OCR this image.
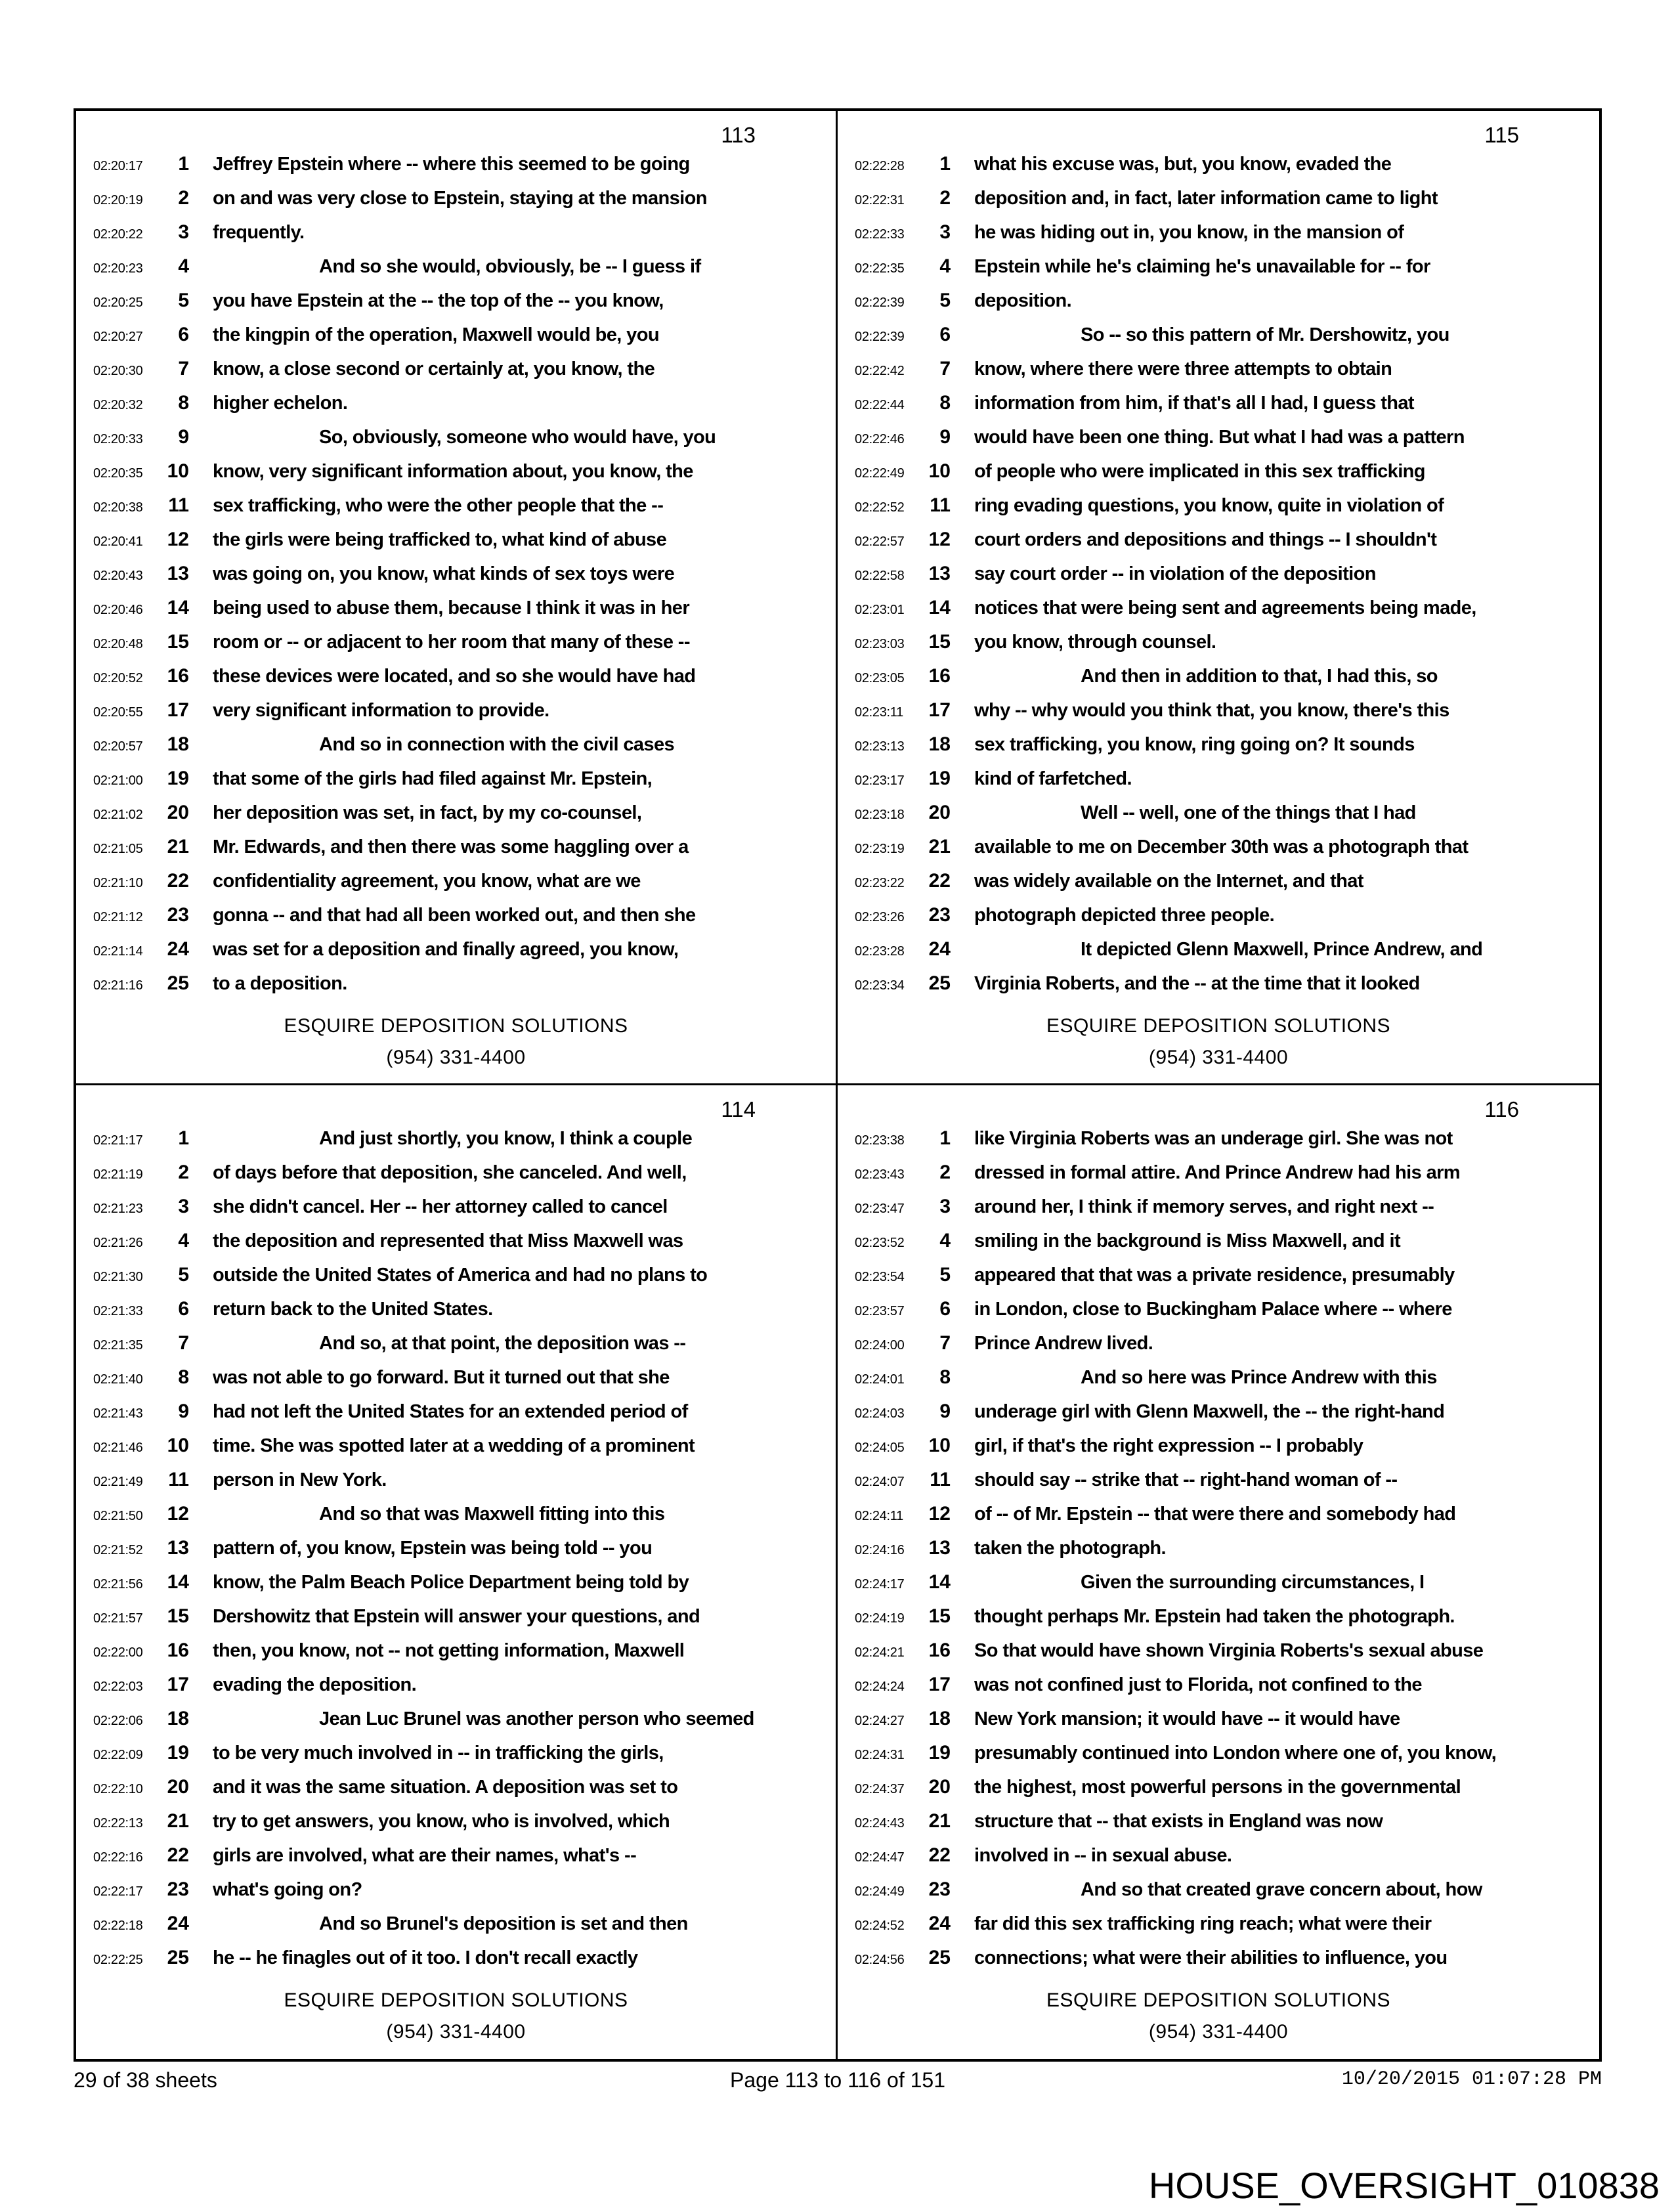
113
02:20:17	1 Jeffrey Epstein where -- where this seemed to be going
02:20:19	2 on and was very close to Epstein, staying at the mansion
02:20:22	3 frequently.
02:20:23	4	And so she would, obviously, be -- I guess if
02:20:25	5 you have Epstein at the -- the top of the -- you know,
02:20:27	6 the kingpin of the operation, Maxwell would be, you
02:20:30	7 know, a close second or certainly at, you know, the
02:20:32	8 higher echelon.
02:20:33	9	So, obviously, someone who would have, you
02:20:35	10 know, very significant information about, you know, the
02:20:38	11 sex trafficking, who were the other people that the --
02:20:41	12 the girls were being trafficked to, what kind of abuse
02:20:43	13 was going on, you know, what kinds of sex toys were
02:20:46	14 being used to abuse them, because I think it was in her
02:20:48	15 room or -- or adjacent to her room that many of these --
02:20:52	16 these devices were located, and so she would have had
02:20:55	17 very significant information to provide.
02:20:57	18	And so in connection with the civil cases
02:21:00	19 that some of the girls had filed against Mr. Epstein,
02:21:02	20 her deposition was set, in fact, by my co-counsel,
02:21:05	21 Mr. Edwards, and then there was some haggling over a
02:21:10	22 confidentiality agreement, you know, what are we
02:21:12	23 gonna -- and that had all been worked out, and then she
02:21:14	24 was set for a deposition and finally agreed, you know,
02:21:16	25 to a deposition.
ESQUIRE DEPOSITION SOLUTIONS
(954) 331-4400
115
02:22:28	1 what his excuse was, but, you know, evaded the
02:22:31	2 deposition and, in fact, later information came to light
02:22:33	3 he was hiding out in, you know, in the mansion of
02:22:35	4 Epstein while he's claiming he's unavailable for -- for
02:22:39	5 deposition.
02:22:39	6	So -- so this pattern of Mr. Dershowitz, you
02:22:42	7 know, where there were three attempts to obtain
02:22:44	8 information from him, if that's all I had, I guess that
02:22:46	9 would have been one thing. But what I had was a pattern
02:22:49	10 of people who were implicated in this sex trafficking
02:22:52	11 ring evading questions, you know, quite in violation of
02:22:57	12 court orders and depositions and things -- I shouldn't
02:22:58	13 say court order -- in violation of the deposition
02:23:01	14 notices that were being sent and agreements being made,
02:23:03	15 you know, through counsel.
02:23:05	16	And then in addition to that, I had this, so
02:23:11	17 why -- why would you think that, you know, there's this
02:23:13	18 sex trafficking, you know, ring going on? It sounds
02:23:17	19 kind of farfetched.
02:23:18	20	Well -- well, one of the things that I had
02:23:19	21 available to me on December 30th was a photograph that
02:23:22	22 was widely available on the Internet, and that
02:23:26	23 photograph depicted three people.
02:23:28	24	It depicted Glenn Maxwell, Prince Andrew, and
02:23:34	25 Virginia Roberts, and the -- at the time that it looked
ESQUIRE DEPOSITION SOLUTIONS
(954) 331-4400
114
02:21:17	1	And just shortly, you know, I think a couple
02:21:19	2 of days before that deposition, she canceled. And well,
02:21:23	3 she didn't cancel. Her -- her attorney called to cancel
02:21:26	4 the deposition and represented that Miss Maxwell was
02:21:30	5 outside the United States of America and had no plans to
02:21:33	6 return back to the United States.
02:21:35	7	And so, at that point, the deposition was --
02:21:40	8 was not able to go forward. But it turned out that she
02:21:43	9 had not left the United States for an extended period of
02:21:46	10 time. She was spotted later at a wedding of a prominent
02:21:49	11 person in New York.
02:21:50	12	And so that was Maxwell fitting into this
02:21:52	13 pattern of, you know, Epstein was being told -- you
02:21:56	14 know, the Palm Beach Police Department being told by
02:21:57	15 Dershowitz that Epstein will answer your questions, and
02:22:00	16 then, you know, not -- not getting information, Maxwell
02:22:03	17 evading the deposition.
02:22:06	18	Jean Luc Brunel was another person who seemed
02:22:09	19 to be very much involved in -- in trafficking the girls,
02:22:10	20 and it was the same situation. A deposition was set to
02:22:13	21 try to get answers, you know, who is involved, which
02:22:16	22 girls are involved, what are their names, what's --
02:22:17	23 what's going on?
02:22:18	24	And so Brunel's deposition is set and then
02:22:25	25 he -- he finagles out of it too. I don't recall exactly
ESQUIRE DEPOSITION SOLUTIONS
(954) 331-4400
116
02:23:38	1 like Virginia Roberts was an underage girl. She was not
02:23:43	2 dressed in formal attire. And Prince Andrew had his arm
02:23:47	3 around her, I think if memory serves, and right next --
02:23:52	4 smiling in the background is Miss Maxwell, and it
02:23:54	5 appeared that that was a private residence, presumably
02:23:57	6 in London, close to Buckingham Palace where -- where
02:24:00	7 Prince Andrew lived.
02:24:01	8	And so here was Prince Andrew with this
02:24:03	9 underage girl with Glenn Maxwell, the -- the right-hand
02:24:05	10 girl, if that's the right expression -- I probably
02:24:07	11 should say -- strike that -- right-hand woman of --
02:24:11	12 of -- of Mr. Epstein -- that were there and somebody had
02:24:16	13 taken the photograph.
02:24:17	14	Given the surrounding circumstances, I
02:24:19	15 thought perhaps Mr. Epstein had taken the photograph.
02:24:21	16 So that would have shown Virginia Roberts's sexual abuse
02:24:24	17 was not confined just to Florida, not confined to the
02:24:27	18 New York mansion; it would have -- it would have
02:24:31	19 presumably continued into London where one of, you know,
02:24:37	20 the highest, most powerful persons in the governmental
02:24:43	21 structure that -- that exists in England was now
02:24:47	22 involved in -- in sexual abuse.
02:24:49	23	And so that created grave concern about, how
02:24:52	24 far did this sex trafficking ring reach; what were their
02:24:56	25 connections; what were their abilities to influence, you
ESQUIRE DEPOSITION SOLUTIONS
(954) 331-4400
29 of 38 sheets	Page 113 to 116 of 151	10/20/2015 01:07:28 PM
HOUSE_OVERSIGHT_010838
